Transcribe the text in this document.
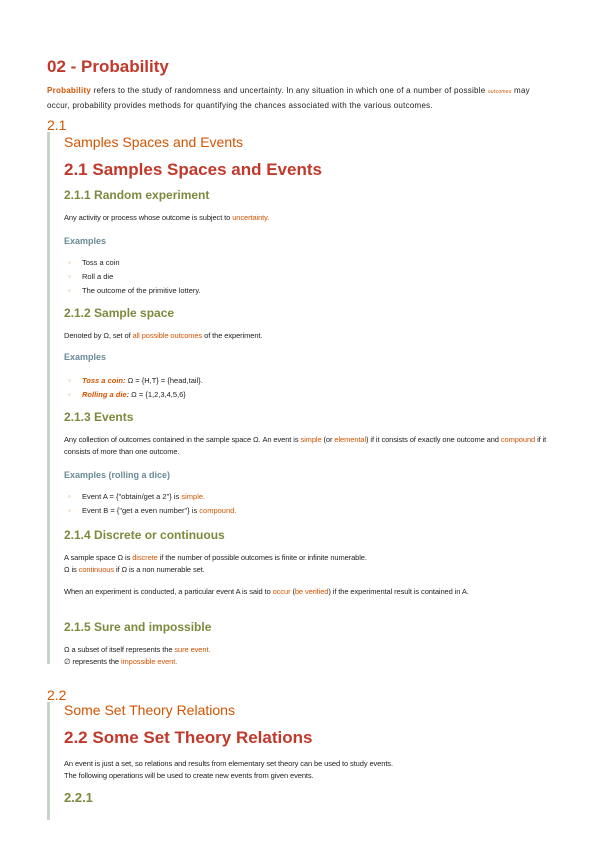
02 - Probability

Probability refers to the study of randomness and uncertainty. In any situation in which one of a number of possible outcomes may occur, probability provides methods for quantifying the chances associated with the various outcomes.

2.1
Samples Spaces and Events
2.1 Samples Spaces and Events
2.1.1 Random experiment

Any activity or process whose outcome is subject to uncertainty.

Examples
◦ Toss a coin
◦ Roll a die
◦ The outcome of the primitive lottery.
2.1.2 Sample space

Denoted by Ω, set of all possible outcomes of the experiment.

Examples
◦ Toss a coin: Ω = {H,T} = {head,tail}.
◦ Rolling a die: Ω = {1,2,3,4,5,6}
2.1.3 Events

Any collection of outcomes contained in the sample space Ω. An event is simple (or elemental) if it consists of exactly one outcome and compound if it consists of more than one outcome.

Examples (rolling a dice)
◦ Event A = {"obtain/get a 2"} is simple.
◦ Event B = {"get a even number"} is compound.
2.1.4 Discrete or continuous

A sample space Ω is discrete if the number of possible outcomes is finite or infinite numerable.
Ω is continuous if Ω is a non numerable set.

When an experiment is conducted, a particular event A is said to occur (be verified) if the experimental result is contained in A.

2.1.5 Sure and impossible

Ω a subset of itself represents the sure event.
∅ represents the impossible event.

2.2
Some Set Theory Relations
2.2 Some Set Theory Relations

An event is just a set, so relations and results from elementary set theory can be used to study events.
The following operations will be used to create new events from given events.

2.2.1
